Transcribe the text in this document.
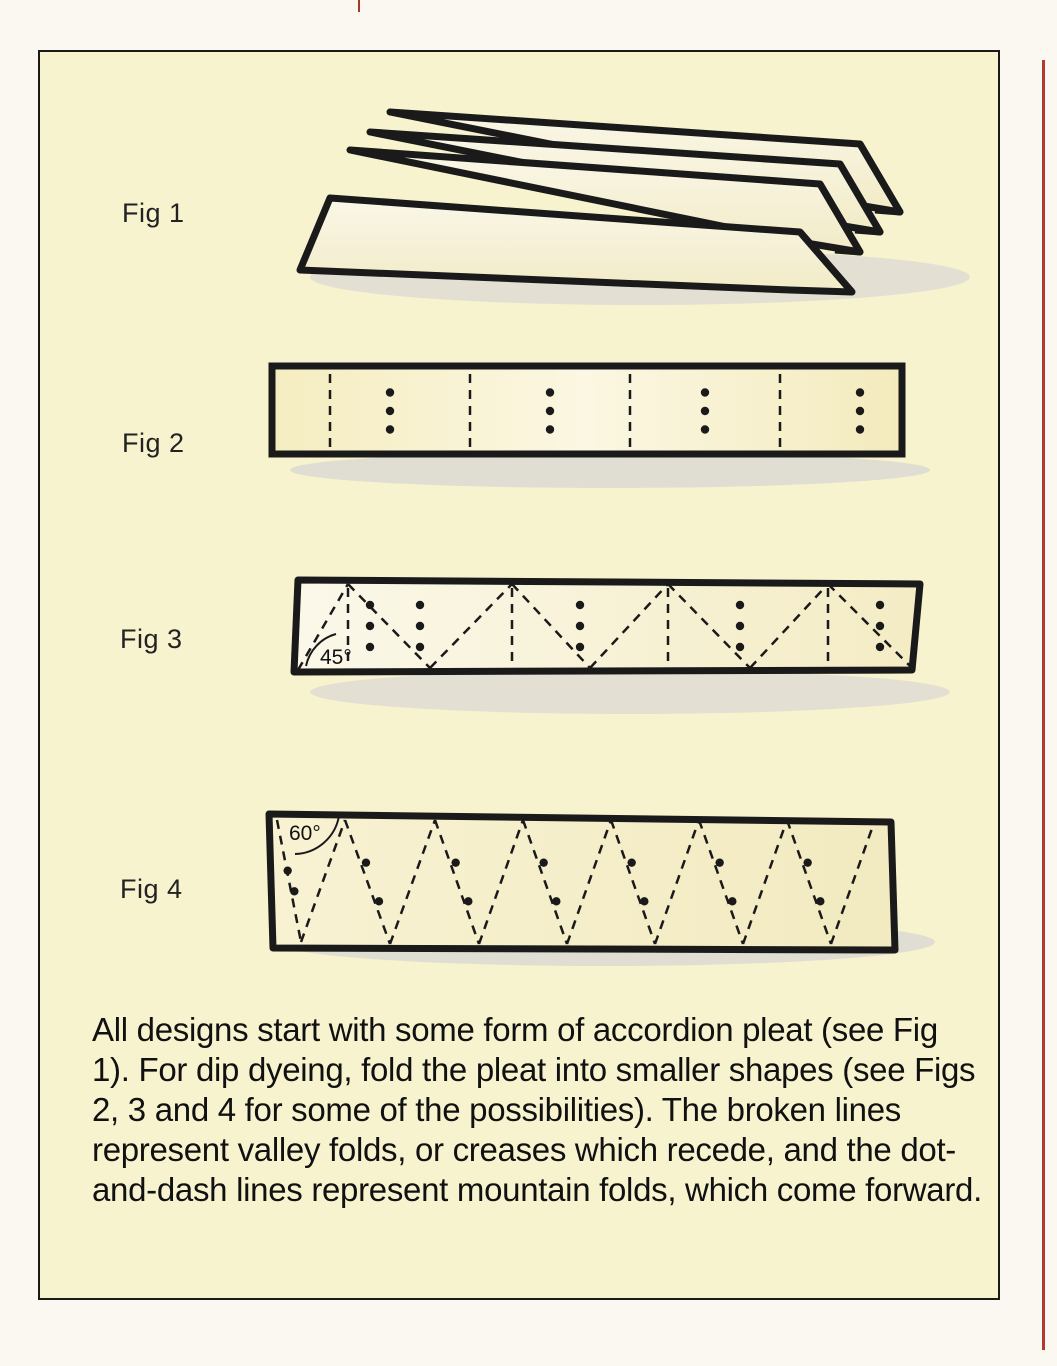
Fig 1
Fig 2
Fig 3
45°
Fig 4
60°

All designs start with some form of accordion pleat (see Fig 1). For dip dyeing, fold the pleat into smaller shapes (see Figs 2, 3 and 4 for some of the possibilities). The broken lines represent valley folds, or creases which recede, and the dot-and-dash lines represent mountain folds, which come forward.
